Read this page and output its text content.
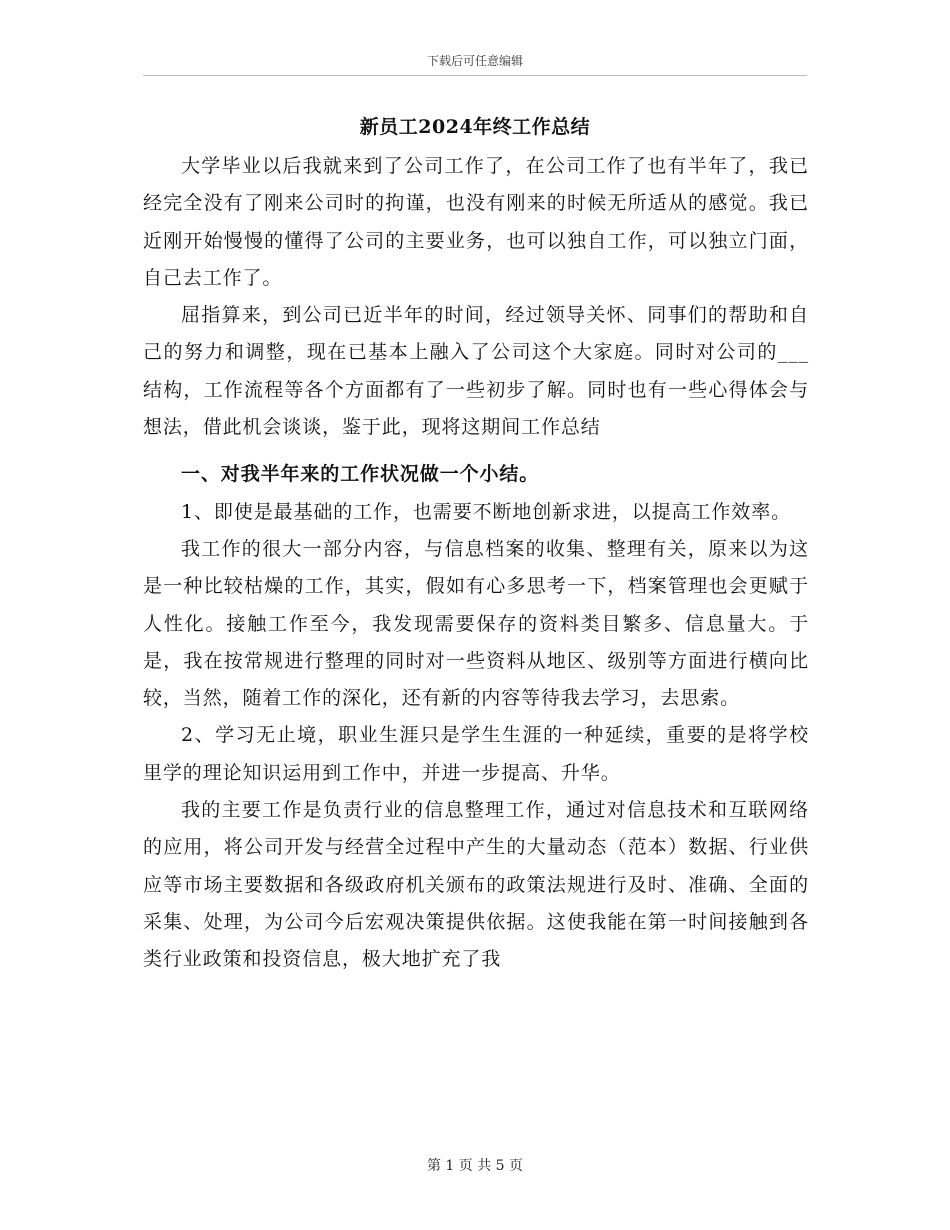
下载后可任意编辑
新员工2024年终工作总结

大学毕业以后我就来到了公司工作了，在公司工作了也有半年了，我已经完全没有了刚来公司时的拘谨，也没有刚来的时候无所适从的感觉。我已近刚开始慢慢的懂得了公司的主要业务，也可以独自工作，可以独立门面，自己去工作了。

屈指算来，到公司已近半年的时间，经过领导关怀、同事们的帮助和自己的努力和调整，现在已基本上融入了公司这个大家庭。同时对公司的___结构，工作流程等各个方面都有了一些初步了解。同时也有一些心得体会与想法，借此机会谈谈，鉴于此，现将这期间工作总结

一、对我半年来的工作状况做一个小结。

1、即使是最基础的工作，也需要不断地创新求进，以提高工作效率。

我工作的很大一部分内容，与信息档案的收集、整理有关，原来以为这是一种比较枯燥的工作，其实，假如有心多思考一下，档案管理也会更赋于人性化。接触工作至今，我发现需要保存的资料类目繁多、信息量大。于是，我在按常规进行整理的同时对一些资料从地区、级别等方面进行横向比较，当然，随着工作的深化，还有新的内容等待我去学习，去思索。

2、学习无止境，职业生涯只是学生生涯的一种延续，重要的是将学校里学的理论知识运用到工作中，并进一步提高、升华。

我的主要工作是负责行业的信息整理工作，通过对信息技术和互联网络的应用，将公司开发与经营全过程中产生的大量动态（范本）数据、行业供应等市场主要数据和各级政府机关颁布的政策法规进行及时、准确、全面的采集、处理，为公司今后宏观决策提供依据。这使我能在第一时间接触到各类行业政策和投资信息，极大地扩充了我

第 1 页 共 5 页
